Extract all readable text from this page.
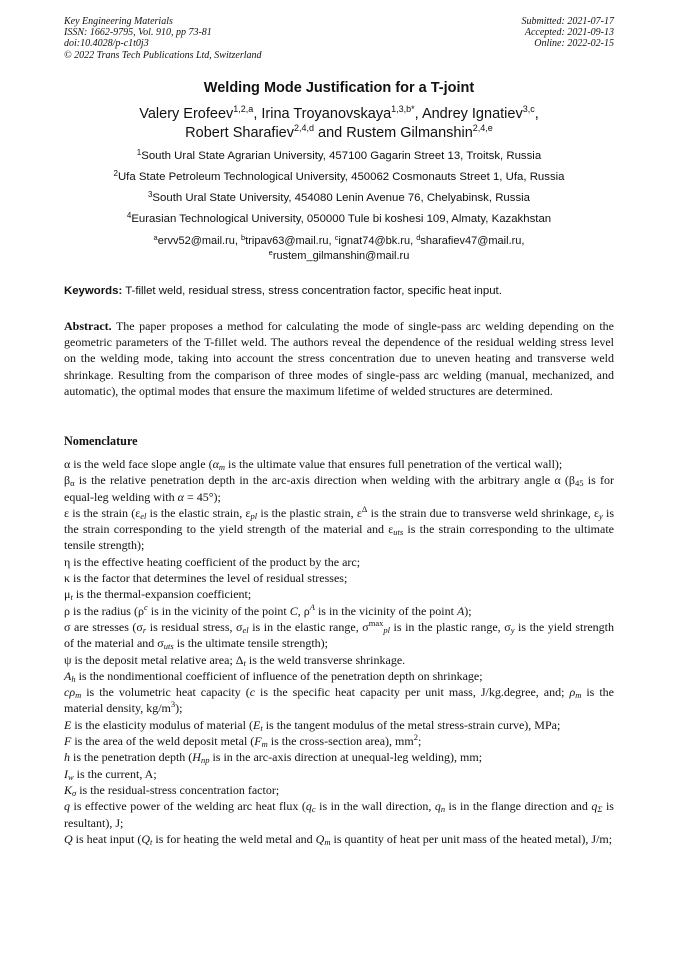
Key Engineering Materials
ISSN: 1662-9795, Vol. 910, pp 73-81
doi:10.4028/p-c1t0j3
© 2022 Trans Tech Publications Ltd, Switzerland
Submitted: 2021-07-17
Accepted: 2021-09-13
Online: 2022-02-15
Welding Mode Justification for a T-joint
Valery Erofeev$^{1,2,a}$, Irina Troyanovskaya$^{1,3,b*}$, Andrey Ignatiev$^{3,c}$,
Robert Sharafiev$^{2,4,d}$ and Rustem Gilmanshin$^{2,4,e}$
$^1$South Ural State Agrarian University, 457100 Gagarin Street 13, Troitsk, Russia
$^2$Ufa State Petroleum Technological University, 450062 Cosmonauts Street 1, Ufa, Russia
$^3$South Ural State University, 454080 Lenin Avenue 76, Chelyabinsk, Russia
$^4$Eurasian Technological University, 050000 Tule bi koshesi 109, Almaty, Kazakhstan
$^a$ervv52@mail.ru, $^b$tripav63@mail.ru, $^c$ignat74@bk.ru, $^d$sharafiev47@mail.ru,
$^e$rustem_gilmanshin@mail.ru
Keywords: T-fillet weld, residual stress, stress concentration factor, specific heat input.
Abstract. The paper proposes a method for calculating the mode of single-pass arc welding depending on the geometric parameters of the T-fillet weld. The authors reveal the dependence of the residual welding stress level on the welding mode, taking into account the stress concentration due to uneven heating and transverse weld shrinkage. Resulting from the comparison of three modes of single-pass arc welding (manual, mechanized, and automatic), the optimal modes that ensure the maximum lifetime of welded structures are determined.
Nomenclature

α is the weld face slope angle ($\alpha_m$ is the ultimate value that ensures full penetration of the vertical wall);

$\beta_\alpha$ is the relative penetration depth in the arc-axis direction when welding with the arbitrary angle α ($\beta_{45}$ is for equal-leg welding with α = 45°);

ε is the strain ($\varepsilon_{el}$ is the elastic strain, $\varepsilon_{pl}$ is the plastic strain, $\varepsilon^\Delta$ is the strain due to transverse weld shrinkage, $\varepsilon_y$ is the strain corresponding to the yield strength of the material and $\varepsilon_{uts}$ is the strain corresponding to the ultimate tensile strength);

η is the effective heating coefficient of the product by the arc;

κ is the factor that determines the level of residual stresses;

$\mu_t$ is the thermal-expansion coefficient;

ρ is the radius ($\rho^c$ is in the vicinity of the point C, $\rho^A$ is in the vicinity of the point A);

σ are stresses ($\sigma_r$ is residual stress, $\sigma_{el}$ is in the elastic range, $\sigma^{max}_{pl}$ is in the plastic range, $\sigma_y$ is the yield strength of the material and $\sigma_{uts}$ is the ultimate tensile strength);

ψ is the deposit metal relative area; $\Delta_t$ is the weld transverse shrinkage.

$A_h$ is the nondimentional coefficient of influence of the penetration depth on shrinkage;

$c\rho_m$ is the volumetric heat capacity (c is the specific heat capacity per unit mass, J/kg.degree, and; $\rho_m$ is the material density, $kg/m^3$);

E is the elasticity modulus of material ($E_t$ is the tangent modulus of the metal stress-strain curve), MPa;

F is the area of the weld deposit metal ($F_m$ is the cross-section area), $mm^2$;

h is the penetration depth ($H_{np}$ is in the arc-axis direction at unequal-leg welding), mm;

$I_w$ is the current, A;

$K_\sigma$ is the residual-stress concentration factor;

q is effective power of the welding arc heat flux ($q_c$ is in the wall direction, $q_n$ is in the flange direction and $q_\Sigma$ is resultant), J;

Q is heat input ($Q_t$ is for heating the weld metal and $Q_m$ is quantity of heat per unit mass of the heated metal), J/m;
